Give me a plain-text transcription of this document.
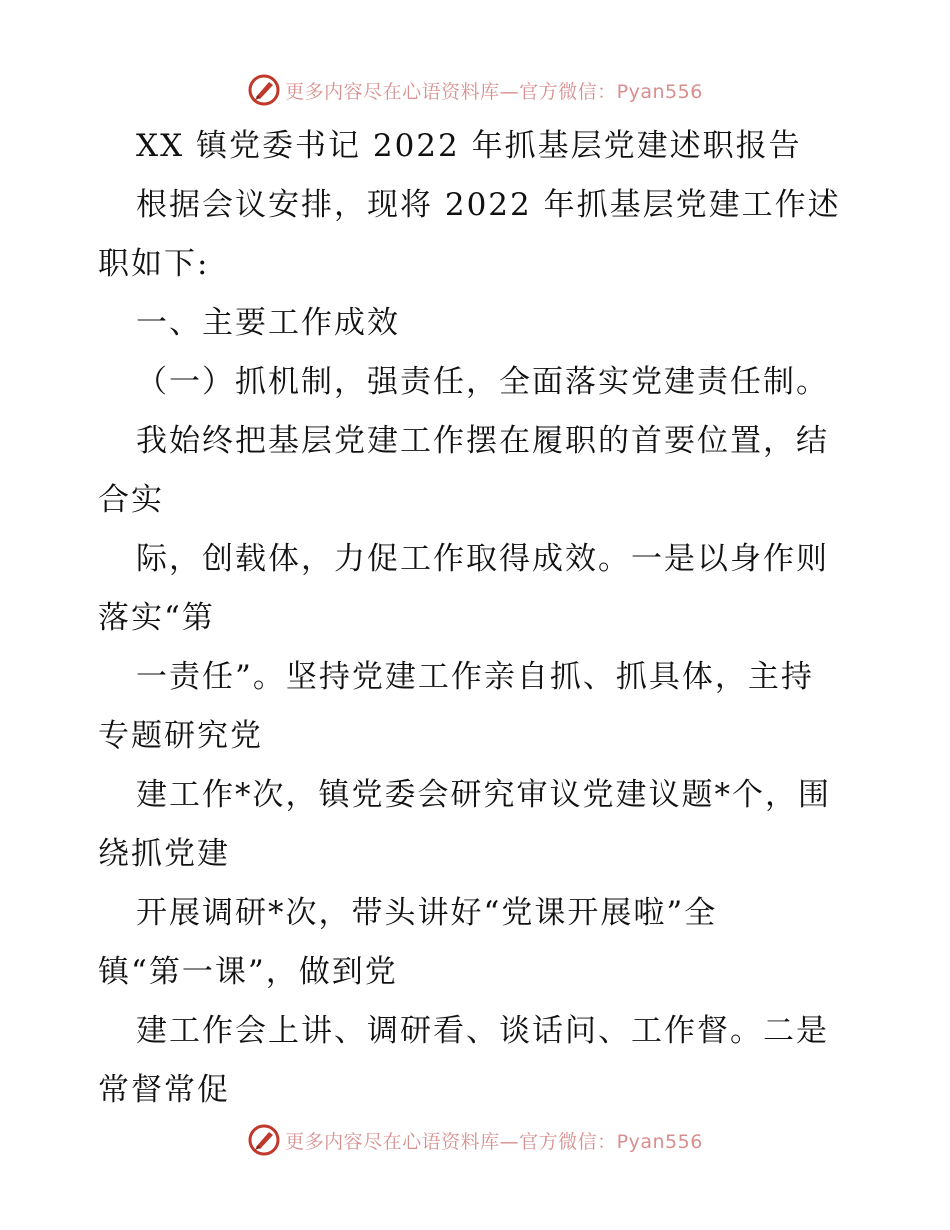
更多内容尽在心语资料库—官方微信：Pyan556
XX 镇党委书记 2022 年抓基层党建述职报告
根据会议安排，现将 2022 年抓基层党建工作述
职如下:
一、主要工作成效
（一）抓机制，强责任，全面落实党建责任制。
我始终把基层党建工作摆在履职的首要位置，结
合实
际，创载体，力促工作取得成效。一是以身作则
落实“第
一责任”。坚持党建工作亲自抓、抓具体，主持
专题研究党
建工作*次，镇党委会研究审议党建议题*个，围
绕抓党建
开展调研*次，带头讲好“党课开展啦”全
镇“第一课”，做到党
建工作会上讲、调研看、谈话问、工作督。二是
常督常促
更多内容尽在心语资料库—官方微信：Pyan556
